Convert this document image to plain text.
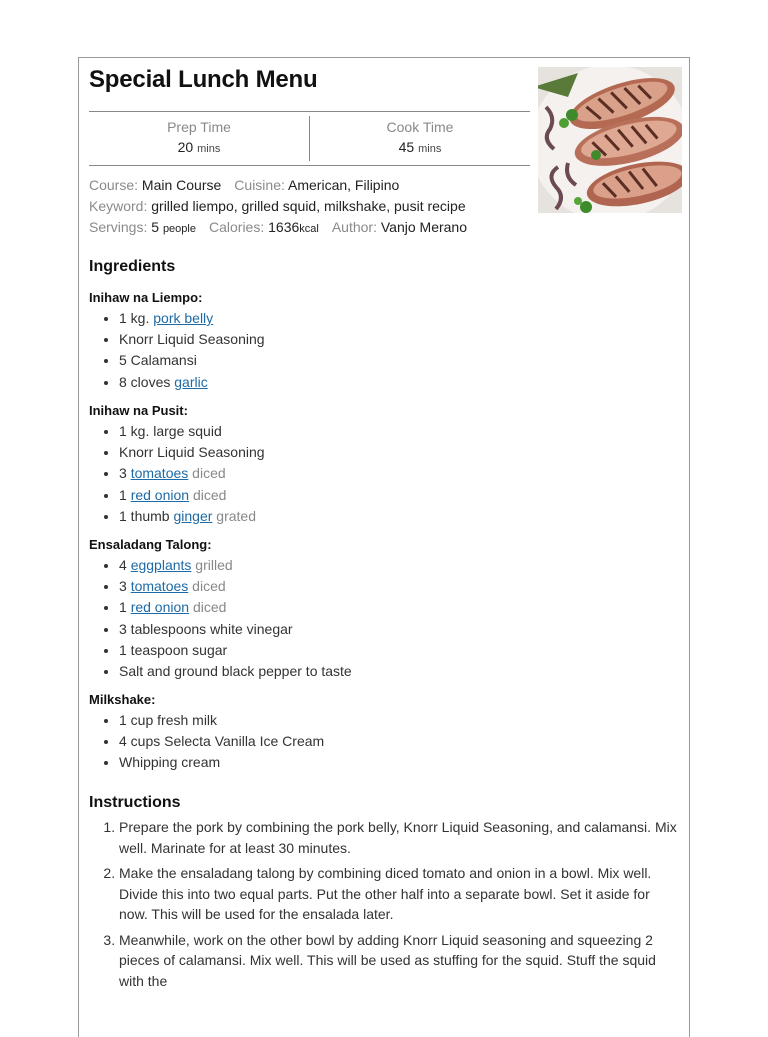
Special Lunch Menu
Prep Time
20 mins
Cook Time
45 mins
Course: Main Course Cuisine: American, Filipino
Keyword: grilled liempo, grilled squid, milkshake, pusit recipe
Servings: 5 people Calories: 1636kcal Author: Vanjo Merano
Ingredients
Inihaw na Liempo:
• 1 kg. pork belly
• Knorr Liquid Seasoning
• 5 Calamansi
• 8 cloves garlic
Inihaw na Pusit:
• 1 kg. large squid
• Knorr Liquid Seasoning
• 3 tomatoes diced
• 1 red onion diced
• 1 thumb ginger grated
Ensaladang Talong:
• 4 eggplants grilled
• 3 tomatoes diced
• 1 red onion diced
• 3 tablespoons white vinegar
• 1 teaspoon sugar
• Salt and ground black pepper to taste
Milkshake:
• 1 cup fresh milk
• 4 cups Selecta Vanilla Ice Cream
• Whipping cream
Instructions
1. Prepare the pork by combining the pork belly, Knorr Liquid Seasoning, and calamansi. Mix well. Marinate for at least 30 minutes.
2. Make the ensaladang talong by combining diced tomato and onion in a bowl. Mix well. Divide this into two equal parts. Put the other half into a separate bowl. Set it aside for now. This will be used for the ensalada later.
3. Meanwhile, work on the other bowl by adding Knorr Liquid seasoning and squeezing 2 pieces of calamansi. Mix well. This will be used as stuffing for the squid. Stuff the squid with the
